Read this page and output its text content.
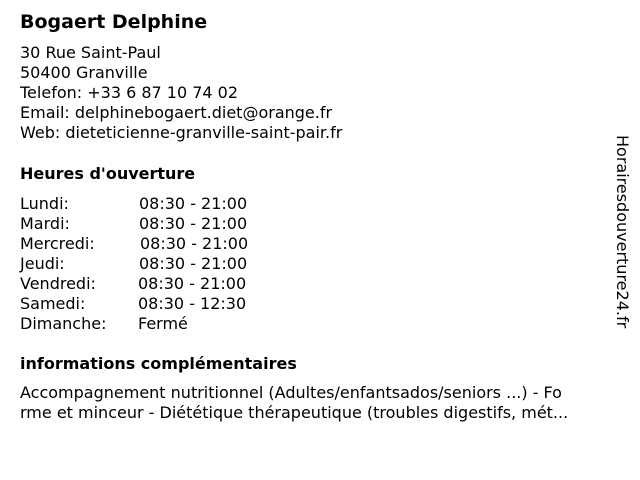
Bogaert Delphine
30 Rue Saint-Paul
50400 Granville
Telefon: +33 6 87 10 74 02
Email: delphinebogaert.diet@orange.fr
Web: dieteticienne-granville-saint-pair.fr
Heures d'ouverture
Lundi:	08:30 - 21:00
Mardi:	08:30 - 21:00
Mercredi:	08:30 - 21:00
Jeudi:	08:30 - 21:00
Vendredi:	08:30 - 21:00
Samedi:	08:30 - 12:30
Dimanche:	Fermé
informations complémentaires
Accompagnement nutritionnel (Adultes/enfantsados/seniors ...) - Fo
rme et minceur - Diététique thérapeutique (troubles digestifs, mét...
Horairesdouverture24.fr
